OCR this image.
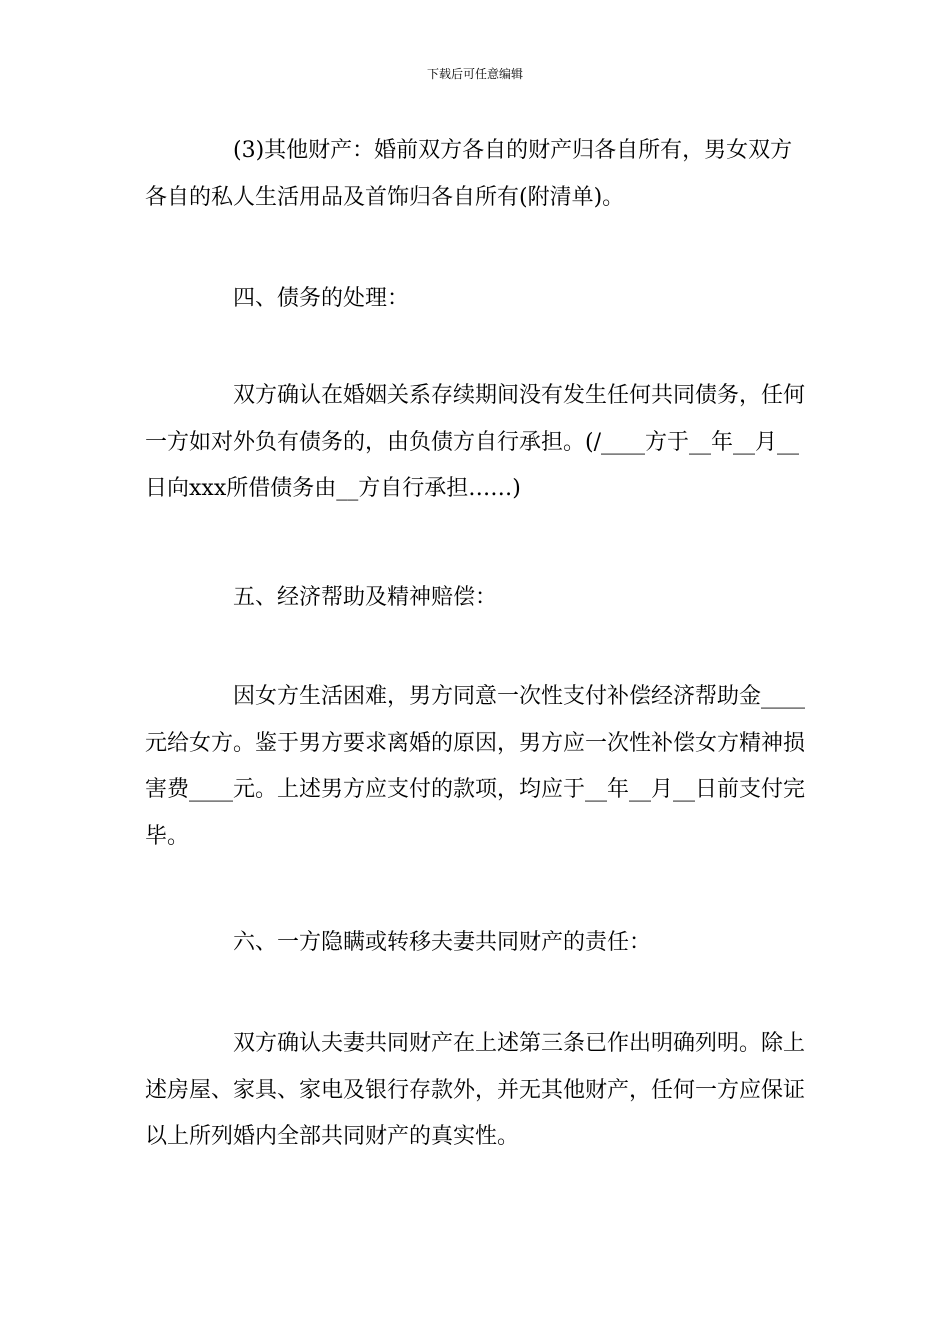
下载后可任意编辑

(3)其他财产：婚前双方各自的财产归各自所有，男女双方各自的私人生活用品及首饰归各自所有(附清单)。

四、债务的处理：

双方确认在婚姻关系存续期间没有发生任何共同债务，任何一方如对外负有债务的，由负债方自行承担。(/____方于__年__月__日向xxx所借债务由__方自行承担……)

五、经济帮助及精神赔偿：

因女方生活困难，男方同意一次性支付补偿经济帮助金____元给女方。鉴于男方要求离婚的原因，男方应一次性补偿女方精神损害费____元。上述男方应支付的款项，均应于__年__月__日前支付完毕。

六、一方隐瞒或转移夫妻共同财产的责任：

双方确认夫妻共同财产在上述第三条已作出明确列明。除上述房屋、家具、家电及银行存款外，并无其他财产，任何一方应保证以上所列婚内全部共同财产的真实性。
